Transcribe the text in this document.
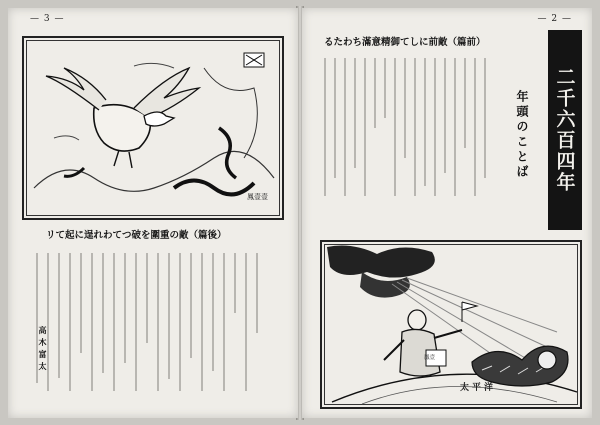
— 3 —
鳳壹壹
リて起に逞れわてつ破を圍重の敵（篇後）
高木富太
— 2 —
るたわち滿意精御てしに前敵（篇前）
年頭のことば 二千六百四年
太平洋
鳳壹
